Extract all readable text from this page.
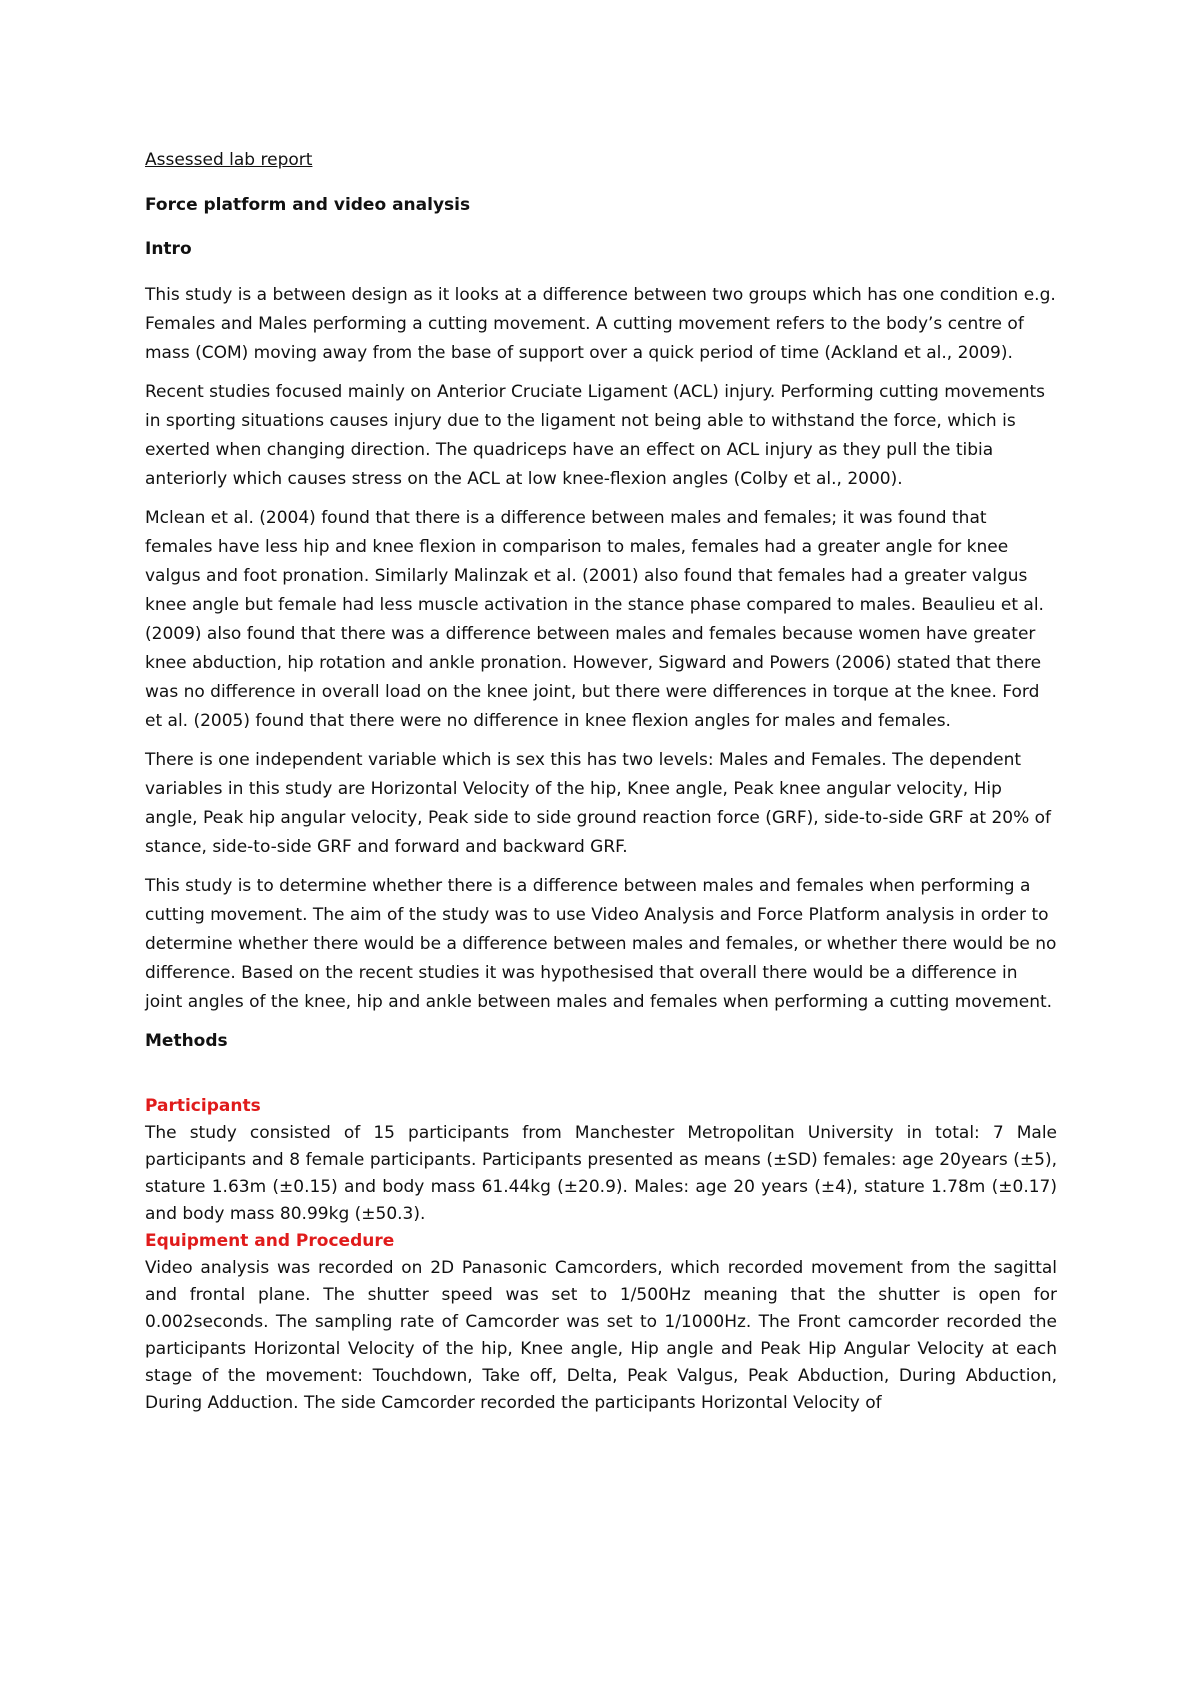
Assessed lab report
Force platform and video analysis
Intro

This study is a between design as it looks at a difference between two groups which has one condition e.g. Females and Males performing a cutting movement. A cutting movement refers to the body’s centre of mass (COM) moving away from the base of support over a quick period of time (Ackland et al., 2009).

Recent studies focused mainly on Anterior Cruciate Ligament (ACL) injury. Performing cutting movements in sporting situations causes injury due to the ligament not being able to withstand the force, which is exerted when changing direction. The quadriceps have an effect on ACL injury as they pull the tibia anteriorly which causes stress on the ACL at low knee-flexion angles (Colby et al., 2000).

Mclean et al. (2004) found that there is a difference between males and females; it was found that females have less hip and knee flexion in comparison to males, females had a greater angle for knee valgus and foot pronation. Similarly Malinzak et al. (2001) also found that females had a greater valgus knee angle but female had less muscle activation in the stance phase compared to males. Beaulieu et al. (2009) also found that there was a difference between males and females because women have greater knee abduction, hip rotation and ankle pronation. However, Sigward and Powers (2006) stated that there was no difference in overall load on the knee joint, but there were differences in torque at the knee. Ford et al. (2005) found that there were no difference in knee flexion angles for males and females.

There is one independent variable which is sex this has two levels: Males and Females. The dependent variables in this study are Horizontal Velocity of the hip, Knee angle, Peak knee angular velocity, Hip angle, Peak hip angular velocity, Peak side to side ground reaction force (GRF), side-to-side GRF at 20% of stance, side-to-side GRF and forward and backward GRF.

This study is to determine whether there is a difference between males and females when performing a cutting movement. The aim of the study was to use Video Analysis and Force Platform analysis in order to determine whether there would be a difference between males and females, or whether there would be no difference. Based on the recent studies it was hypothesised that overall there would be a difference in joint angles of the knee, hip and ankle between males and females when performing a cutting movement.

Methods
Participants

The study consisted of 15 participants from Manchester Metropolitan University in total: 7 Male participants and 8 female participants. Participants presented as means (±SD) females: age 20years (±5), stature 1.63m (±0.15) and body mass 61.44kg (±20.9). Males: age 20 years (±4), stature 1.78m (±0.17) and body mass 80.99kg (±50.3).

Equipment and Procedure

Video analysis was recorded on 2D Panasonic Camcorders, which recorded movement from the sagittal and frontal plane. The shutter speed was set to 1/500Hz meaning that the shutter is open for 0.002seconds. The sampling rate of Camcorder was set to 1/1000Hz. The Front camcorder recorded the participants Horizontal Velocity of the hip, Knee angle, Hip angle and Peak Hip Angular Velocity at each stage of the movement: Touchdown, Take off, Delta, Peak Valgus, Peak Abduction, During Abduction, During Adduction. The side Camcorder recorded the participants Horizontal Velocity of
